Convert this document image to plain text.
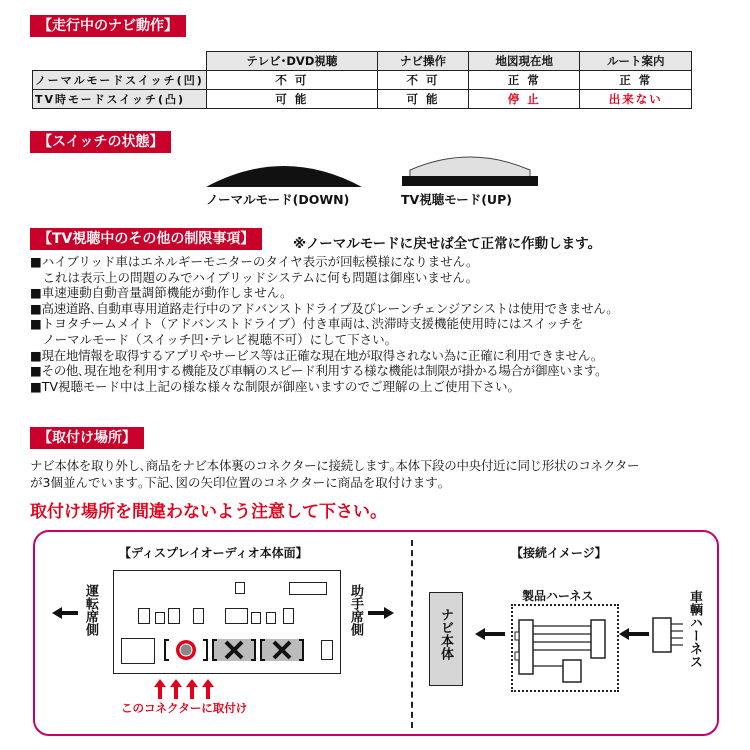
【走行中のナビ動作】
	テレビ･DVD視聴	ナビ操作	地図現在地	ルート案内
ノーマルモードスイッチ(凹)	不 可	不 可	正 常	正 常
TV時モードスイッチ(凸)	可 能	可 能	停 止	出来ない
【スイッチの状態】
ノーマルモード(DOWN)	TV視聴モード(UP)
【TV視聴中のその他の制限事項】	※ノーマルモードに戻せば全て正常に作動します。
■ハイブリッド車はエネルギーモニターのタイヤ表示が回転模様になりません。
　これは表示上の問題のみでハイブリッドシステムに何も問題は御座いません。
■車速連動自動音量調節機能が動作しません。
■高速道路､自動車専用道路走行中のアドバンストドライブ及びレーンチェンジアシストは使用できません。
■トヨタチームメイト（アドバンストドライブ）付き車両は､渋滞時支援機能使用時にはスイッチを
　ノーマルモード（スイッチ凹･テレビ視聴不可）にして下さい。
■現在地情報を取得するアプリやサービス等は正確な現在地が取得されない為に正確に利用できません。
■その他､現在地を利用する機能及び車輌のスピード利用する様な機能は制限が掛かる場合が御座います。
■TV視聴モード中は上記の様な様々な制限が御座いますのでご理解の上ご使用下さい。
【取付け場所】
ナビ本体を取り外し､商品をナビ本体裏のコネクターに接続します｡本体下段の中央付近に同じ形状のコネクター
が3個並んでいます｡下記､図の矢印位置のコネクターに商品を取付けます｡
取付け場所を間違わないよう注意して下さい。
【ディスプレイオーディオ本体面】	【接続イメージ】
運転席側	助手席側
このコネクターに取付け
ナビ本体
製品ハーネス	車輌ハーネス
